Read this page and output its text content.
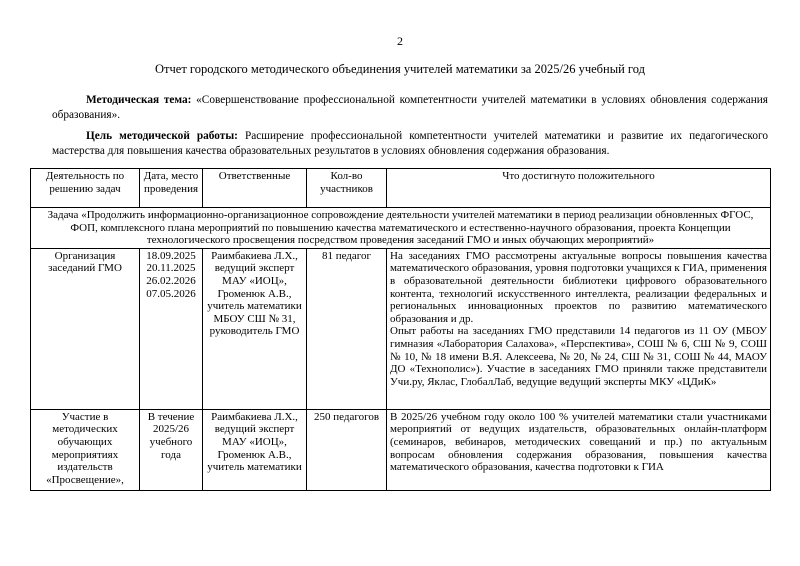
2
Отчет городского методического объединения учителей математики за 2025/26 учебный год
Методическая тема: «Совершенствование профессиональной компетентности учителей математики в условиях обновления содержания образования».
Цель методической работы: Расширение профессиональной компетентности учителей математики и развитие их педагогического мастерства для повышения качества образовательных результатов в условиях обновления содержания образования.
Деятельность по решению задач	Дата, место проведения	Ответственные	Кол-во участников	Что достигнуто положительного
Задача «Продолжить информационно-организационное сопровождение деятельности учителей математики в период реализации обновленных ФГОС, ФОП, комплексного плана мероприятий по повышению качества математического и естественно-научного образования, проекта Концепции технологического просвещения посредством проведения заседаний ГМО и иных обучающих мероприятий»				
Организация заседаний ГМО	18.09.2025 20.11.2025 26.02.2026 07.05.2026	Раимбакиева Л.Х., ведущий эксперт МАУ «ИОЦ», Громенюк А.В., учитель математики МБОУ СШ № 31, руководитель ГМО	81 педагог	На заседаниях ГМО рассмотрены актуальные вопросы повышения качества математического образования, уровня подготовки учащихся к ГИА, применения в образовательной деятельности библиотеки цифрового образовательного контента, технологий искусственного интеллекта, реализации федеральных и региональных инновационных проектов по развитию математического образования и др.
Опыт работы на заседаниях ГМО представили 14 педагогов из 11 ОУ (МБОУ гимназия «Лаборатория Салахова», «Перспектива», СОШ № 6, СШ № 9, СОШ № 10, № 18 имени В.Я. Алексеева, № 20, № 24, СШ № 31, СОШ № 44, МАОУ ДО «Технополис»). Участие в заседаниях ГМО приняли также представители Учи.ру, Яклас, ГлобалЛаб, ведущие ведущий эксперты МКУ «ЦДиК»

Участие в методических обучающих мероприятиях издательств «Просвещение»,	В течение 2025/26 учебного года	Раимбакиева Л.Х., ведущий эксперт МАУ «ИОЦ», Громенюк А.В., учитель математики	250 педагогов	В 2025/26 учебном году около 100 % учителей математики стали участниками мероприятий от ведущих издательств, образовательных онлайн-платформ (семинаров, вебинаров, методических совещаний и пр.) по актуальным вопросам обновления содержания образования, повышения качества математического образования, качества подготовки к ГИА
